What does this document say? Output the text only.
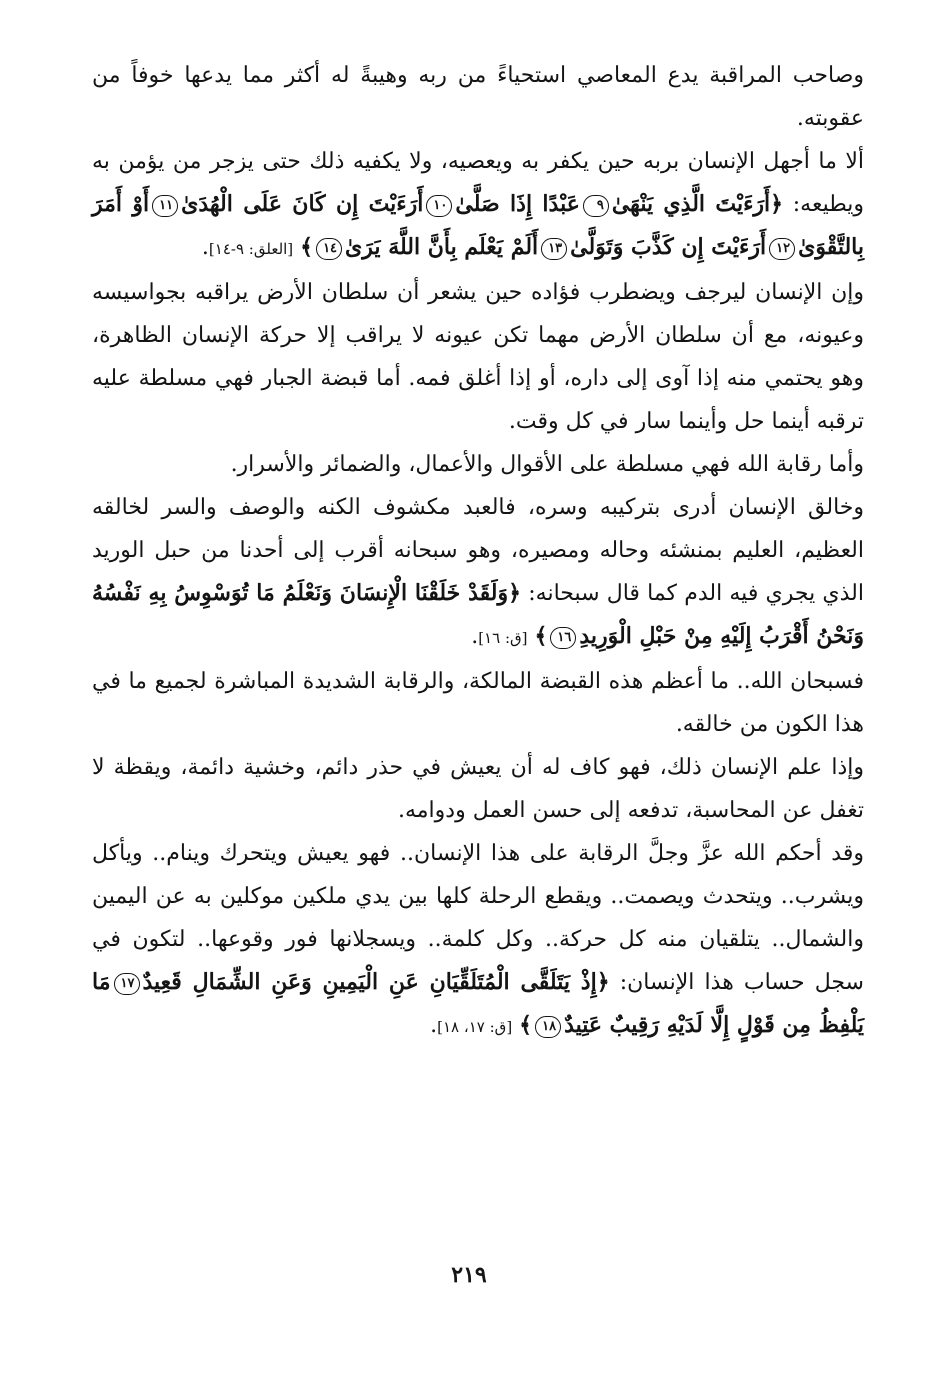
وصاحب المراقبة يدع المعاصي استحياءً من ربه وهيبةً له أكثر مما يدعها خوفاً من عقوبته.

ألا ما أجهل الإنسان بربه حين يكفر به ويعصيه، ولا يكفيه ذلك حتى يزجر من يؤمن به ويطيعه: ﴿أَرَءَيْتَ الَّذِي يَنْهَىٰ٩عَبْدًا إِذَا صَلَّىٰ١٠أَرَءَيْتَ إِن كَانَ عَلَى الْهُدَىٰ١١أَوْ أَمَرَ بِالتَّقْوَىٰ١٢أَرَءَيْتَ إِن كَذَّبَ وَتَوَلَّىٰ١٣أَلَمْ يَعْلَم بِأَنَّ اللَّهَ يَرَىٰ١٤﴾ [العلق: ٩-١٤].

وإن الإنسان ليرجف ويضطرب فؤاده حين يشعر أن سلطان الأرض يراقبه بجواسيسه وعيونه، مع أن سلطان الأرض مهما تكن عيونه لا يراقب إلا حركة الإنسان الظاهرة، وهو يحتمي منه إذا آوى إلى داره، أو إذا أغلق فمه. أما قبضة الجبار فهي مسلطة عليه ترقبه أينما حل وأينما سار في كل وقت.

وأما رقابة الله فهي مسلطة على الأقوال والأعمال، والضمائر والأسرار.

وخالق الإنسان أدرى بتركيبه وسره، فالعبد مكشوف الكنه والوصف والسر لخالقه العظيم، العليم بمنشئه وحاله ومصيره، وهو سبحانه أقرب إلى أحدنا من حبل الوريد الذي يجري فيه الدم كما قال سبحانه: ﴿وَلَقَدْ خَلَقْنَا الْإِنسَانَ وَنَعْلَمُ مَا تُوَسْوِسُ بِهِ نَفْسُهُ وَنَحْنُ أَقْرَبُ إِلَيْهِ مِنْ حَبْلِ الْوَرِيدِ١٦﴾ [ق: ١٦].

فسبحان الله.. ما أعظم هذه القبضة المالكة، والرقابة الشديدة المباشرة لجميع ما في هذا الكون من خالقه.

وإذا علم الإنسان ذلك، فهو كاف له أن يعيش في حذر دائم، وخشية دائمة، ويقظة لا تغفل عن المحاسبة، تدفعه إلى حسن العمل ودوامه.

وقد أحكم الله عزَّ وجلَّ الرقابة على هذا الإنسان.. فهو يعيش ويتحرك وينام.. ويأكل ويشرب.. ويتحدث ويصمت.. ويقطع الرحلة كلها بين يدي ملكين موكلين به عن اليمين والشمال.. يتلقيان منه كل حركة.. وكل كلمة.. ويسجلانها فور وقوعها.. لتكون في سجل حساب هذا الإنسان: ﴿إِذْ يَتَلَقَّى الْمُتَلَقِّيَانِ عَنِ الْيَمِينِ وَعَنِ الشِّمَالِ قَعِيدٌ١٧مَا يَلْفِظُ مِن قَوْلٍ إِلَّا لَدَيْهِ رَقِيبٌ عَتِيدٌ١٨﴾ [ق: ١٧، ١٨].

٢١٩
